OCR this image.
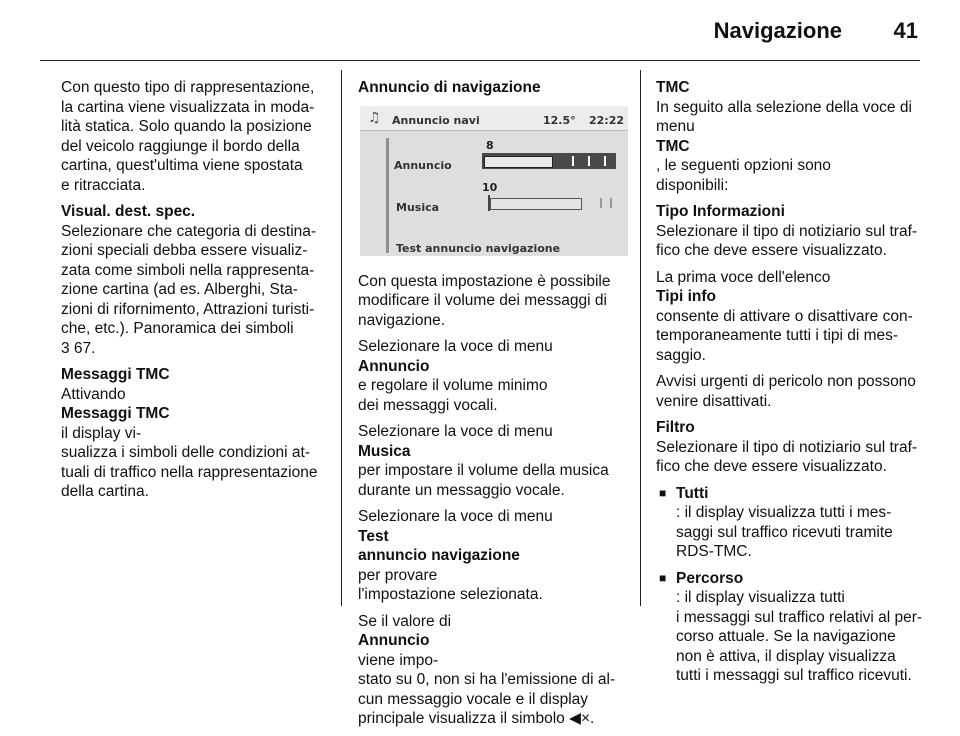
Navigazione 41

Con questo tipo di rappresentazione,
la cartina viene visualizzata in moda-
lità statica. Solo quando la posizione
del veicolo raggiunge il bordo della
cartina, quest'ultima viene spostata
e ritracciata.

Visual. dest. spec.

Selezionare che categoria di destina-
zioni speciali debba essere visualiz-
zata come simboli nella rappresenta-
zione cartina (ad es. Alberghi, Sta-
zioni di rifornimento, Attrazioni turisti-
che, etc.). Panoramica dei simboli
3 67.

Messaggi TMC

Attivando
Messaggi TMC
il display vi-
sualizza i simboli delle condizioni at-
tuali di traffico nella rappresentazione
della cartina.

Annuncio di navigazione
♫ Annuncio navi	12.5° 22:22
8
Annuncio
10
Musica
Test annuncio navigazione

Con questa impostazione è possibile
modificare il volume dei messaggi di
navigazione.

Selezionare la voce di menu
Annuncio
e regolare il volume minimo
dei messaggi vocali.

Selezionare la voce di menu
Musica
per impostare il volume della musica
durante un messaggio vocale.

Selezionare la voce di menu
Test
annuncio navigazione
per provare
l'impostazione selezionata.

Se il valore di
Annuncio
viene impo-
stato su 0, non si ha l'emissione di al-
cun messaggio vocale e il display
principale visualizza il simbolo ◀×.

TMC

In seguito alla selezione della voce di
menu
TMC
, le seguenti opzioni sono
disponibili:

Tipo Informazioni

Selezionare il tipo di notiziario sul traf-
fico che deve essere visualizzato.

La prima voce dell'elenco
Tipi info
consente di attivare o disattivare con-
temporaneamente tutti i tipi di mes-
saggio.

Avvisi urgenti di pericolo non possono
venire disattivati.

Filtro

Selezionare il tipo di notiziario sul traf-
fico che deve essere visualizzato.

■ Tutti
: il display visualizza tutti i mes-
saggi sul traffico ricevuti tramite
RDS-TMC.
■ Percorso
: il display visualizza tutti
i messaggi sul traffico relativi al per-
corso attuale. Se la navigazione
non è attiva, il display visualizza
tutti i messaggi sul traffico ricevuti.
